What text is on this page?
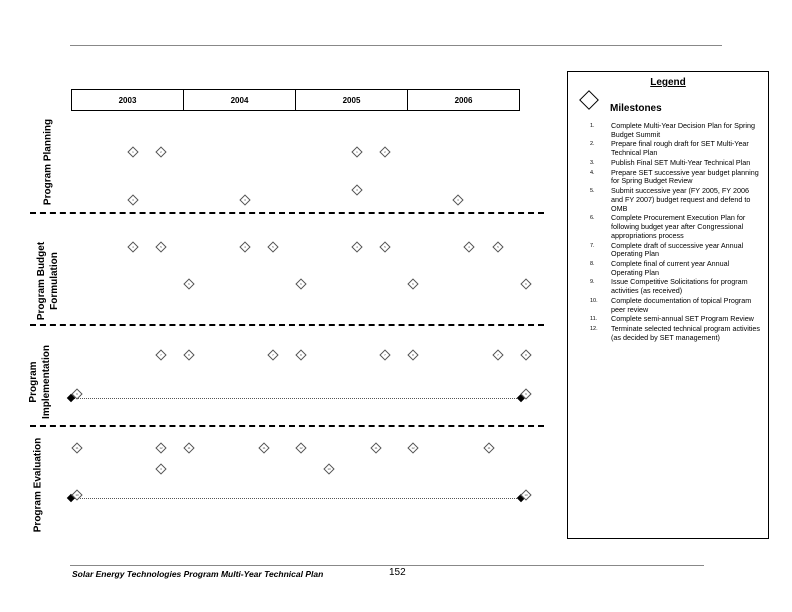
2003	2004	2005	2006
Program Planning
Program Budget Formulation
Program Implementation
Program Evaluation
1	2	1	2
3
3	3	3
4	5	4	5	4	5	4	5
6	6	6	6
7	8	7	8	7	8	7	8
9	9
11	12	11	11	12	11	12	11
3	10
10	10
Legend
Milestones
1.	Complete Multi-Year Decision Plan for Spring Budget Summit
2.	Prepare final rough draft for SET Multi-Year Technical Plan
3.	Publish Final SET Multi-Year Technical Plan
4.	Prepare SET successive year budget planning for Spring Budget Review
5.	Submit successive year (FY 2005, FY 2006 and FY 2007) budget request and defend to OMB
6.	Complete Procurement Execution Plan for following budget year after Congressional appropriations process
7.	Complete draft of successive year Annual Operating Plan
8.	Complete final of current year Annual Operating Plan
9.	Issue Competitive Solicitations for program activities (as received)
10.	Complete documentation of topical Program peer review
11.	Complete semi-annual SET Program Review
12.	Terminate selected technical program activities (as decided by SET management)
Solar Energy Technologies Program Multi-Year Technical Plan	152
